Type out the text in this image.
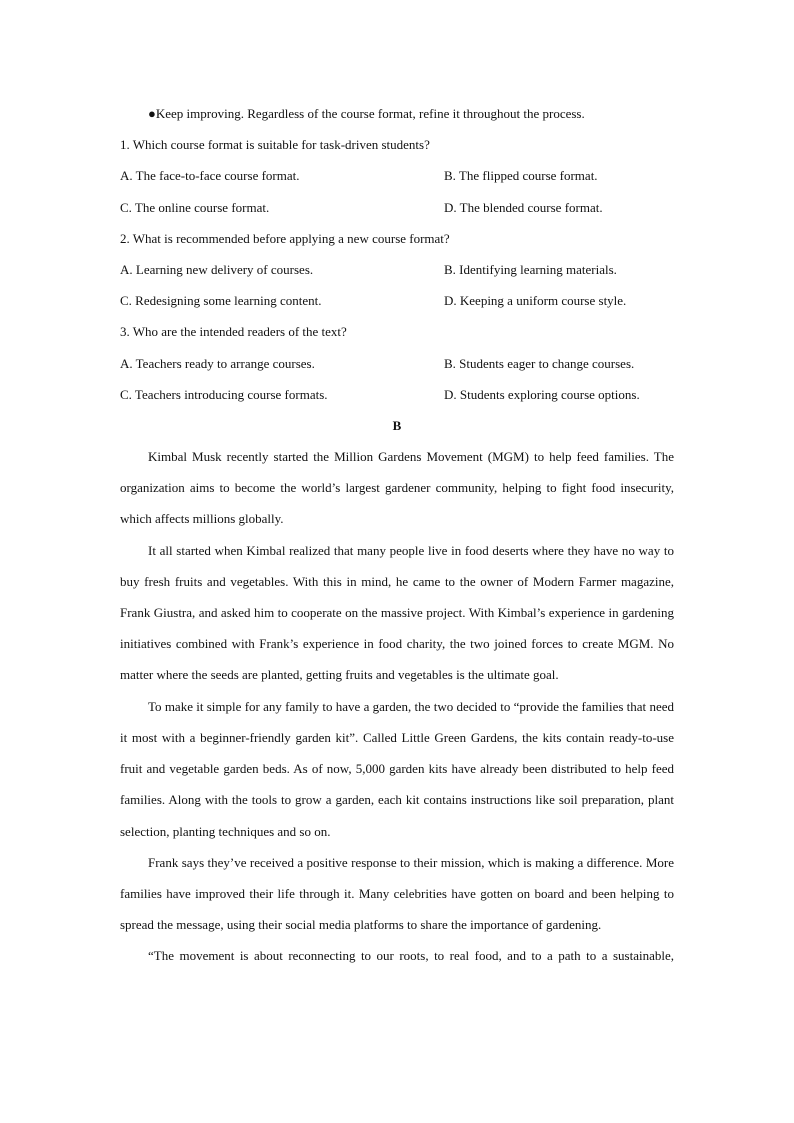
●Keep improving. Regardless of the course format, refine it throughout the process.
1. Which course format is suitable for task-driven students?
A. The face-to-face course format.	B. The flipped course format.
C. The online course format.	D. The blended course format.
2. What is recommended before applying a new course format?
A. Learning new delivery of courses.	B. Identifying learning materials.
C. Redesigning some learning content.	D. Keeping a uniform course style.
3. Who are the intended readers of the text?
A. Teachers ready to arrange courses.	B. Students eager to change courses.
C. Teachers introducing course formats.	D. Students exploring course options.
B

Kimbal Musk recently started the Million Gardens Movement (MGM) to help feed families. The organization aims to become the world’s largest gardener community, helping to fight food insecurity, which affects millions globally.

It all started when Kimbal realized that many people live in food deserts where they have no way to buy fresh fruits and vegetables. With this in mind, he came to the owner of Modern Farmer magazine, Frank Giustra, and asked him to cooperate on the massive project. With Kimbal’s experience in gardening initiatives combined with Frank’s experience in food charity, the two joined forces to create MGM. No matter where the seeds are planted, getting fruits and vegetables is the ultimate goal.

To make it simple for any family to have a garden, the two decided to “provide the families that need it most with a beginner-friendly garden kit”. Called Little Green Gardens, the kits contain ready-to-use fruit and vegetable garden beds. As of now, 5,000 garden kits have already been distributed to help feed families. Along with the tools to grow a garden, each kit contains instructions like soil preparation, plant selection, planting techniques and so on.

Frank says they’ve received a positive response to their mission, which is making a difference. More families have improved their life through it. Many celebrities have gotten on board and been helping to spread the message, using their social media platforms to share the importance of gardening.

“The movement is about reconnecting to our roots, to real food, and to a path to a sustainable,
